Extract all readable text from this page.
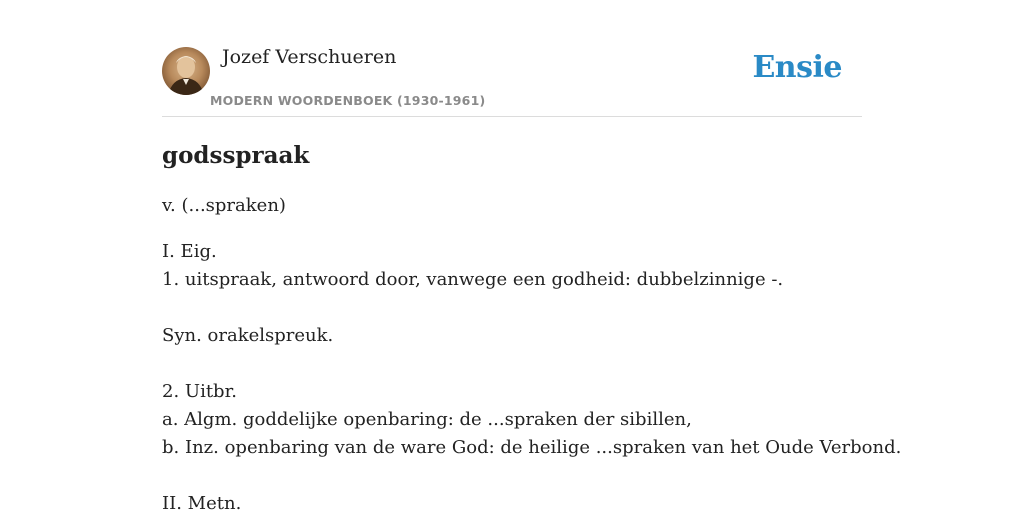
Jozef Verschueren
MODERN WOORDENBOEK (1930-1961)
Ensie
godsspraak
v. (...spraken)
I. Eig.
1. uitspraak, antwoord door, vanwege een godheid: dubbelzinnige -.
Syn. orakelspreuk.
2. Uitbr.
a. Algm. goddelijke openbaring: de ...spraken der sibillen,
b. Inz. openbaring van de ware God: de heilige ...spraken van het Oude Verbond.
II. Metn.
